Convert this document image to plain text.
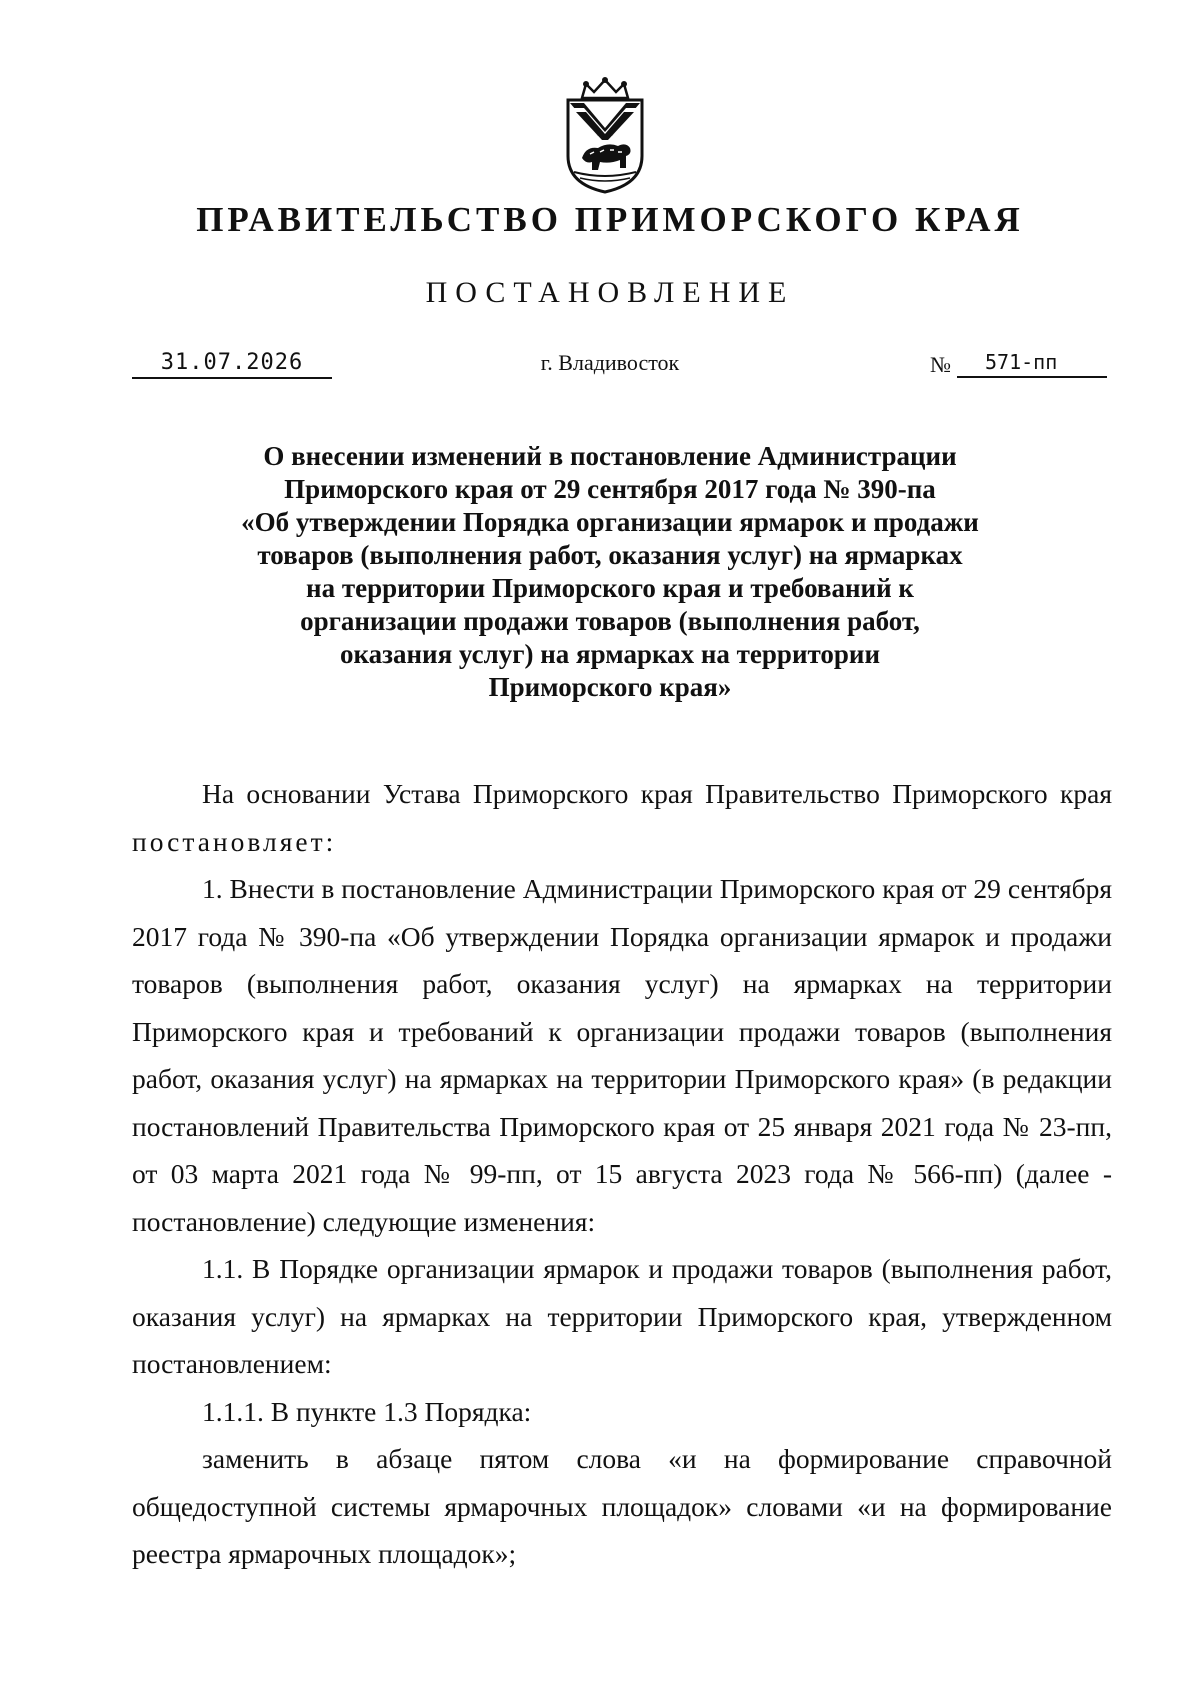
ПРАВИТЕЛЬСТВО ПРИМОРСКОГО КРАЯ
ПОСТАНОВЛЕНИЕ
31.07.2026	г. Владивосток	№	571-пп
О внесении изменений в постановление Администрации
Приморского края от 29 сентября 2017 года № 390-па
«Об утверждении Порядка организации ярмарок и продажи
товаров (выполнения работ, оказания услуг) на ярмарках
на территории Приморского края и требований к
организации продажи товаров (выполнения работ,
оказания услуг) на ярмарках на территории
Приморского края»

На основании Устава Приморского края Правительство Приморского края постановляет:

1. Внести в постановление Администрации Приморского края от 29 сентября 2017 года № 390-па «Об утверждении Порядка организации ярмарок и продажи товаров (выполнения работ, оказания услуг) на ярмарках на территории Приморского края и требований к организации продажи товаров (выполнения работ, оказания услуг) на ярмарках на территории Приморского края» (в редакции постановлений Правительства Приморского края от 25 января 2021 года № 23-пп, от 03 марта 2021 года № 99-пп, от 15 августа 2023 года № 566-пп) (далее - постановление) следующие изменения:

1.1. В Порядке организации ярмарок и продажи товаров (выполнения работ, оказания услуг) на ярмарках на территории Приморского края, утвержденном постановлением:

1.1.1. В пункте 1.3 Порядка:

заменить в абзаце пятом слова «и на формирование справочной общедоступной системы ярмарочных площадок» словами «и на формирование реестра ярмарочных площадок»;
